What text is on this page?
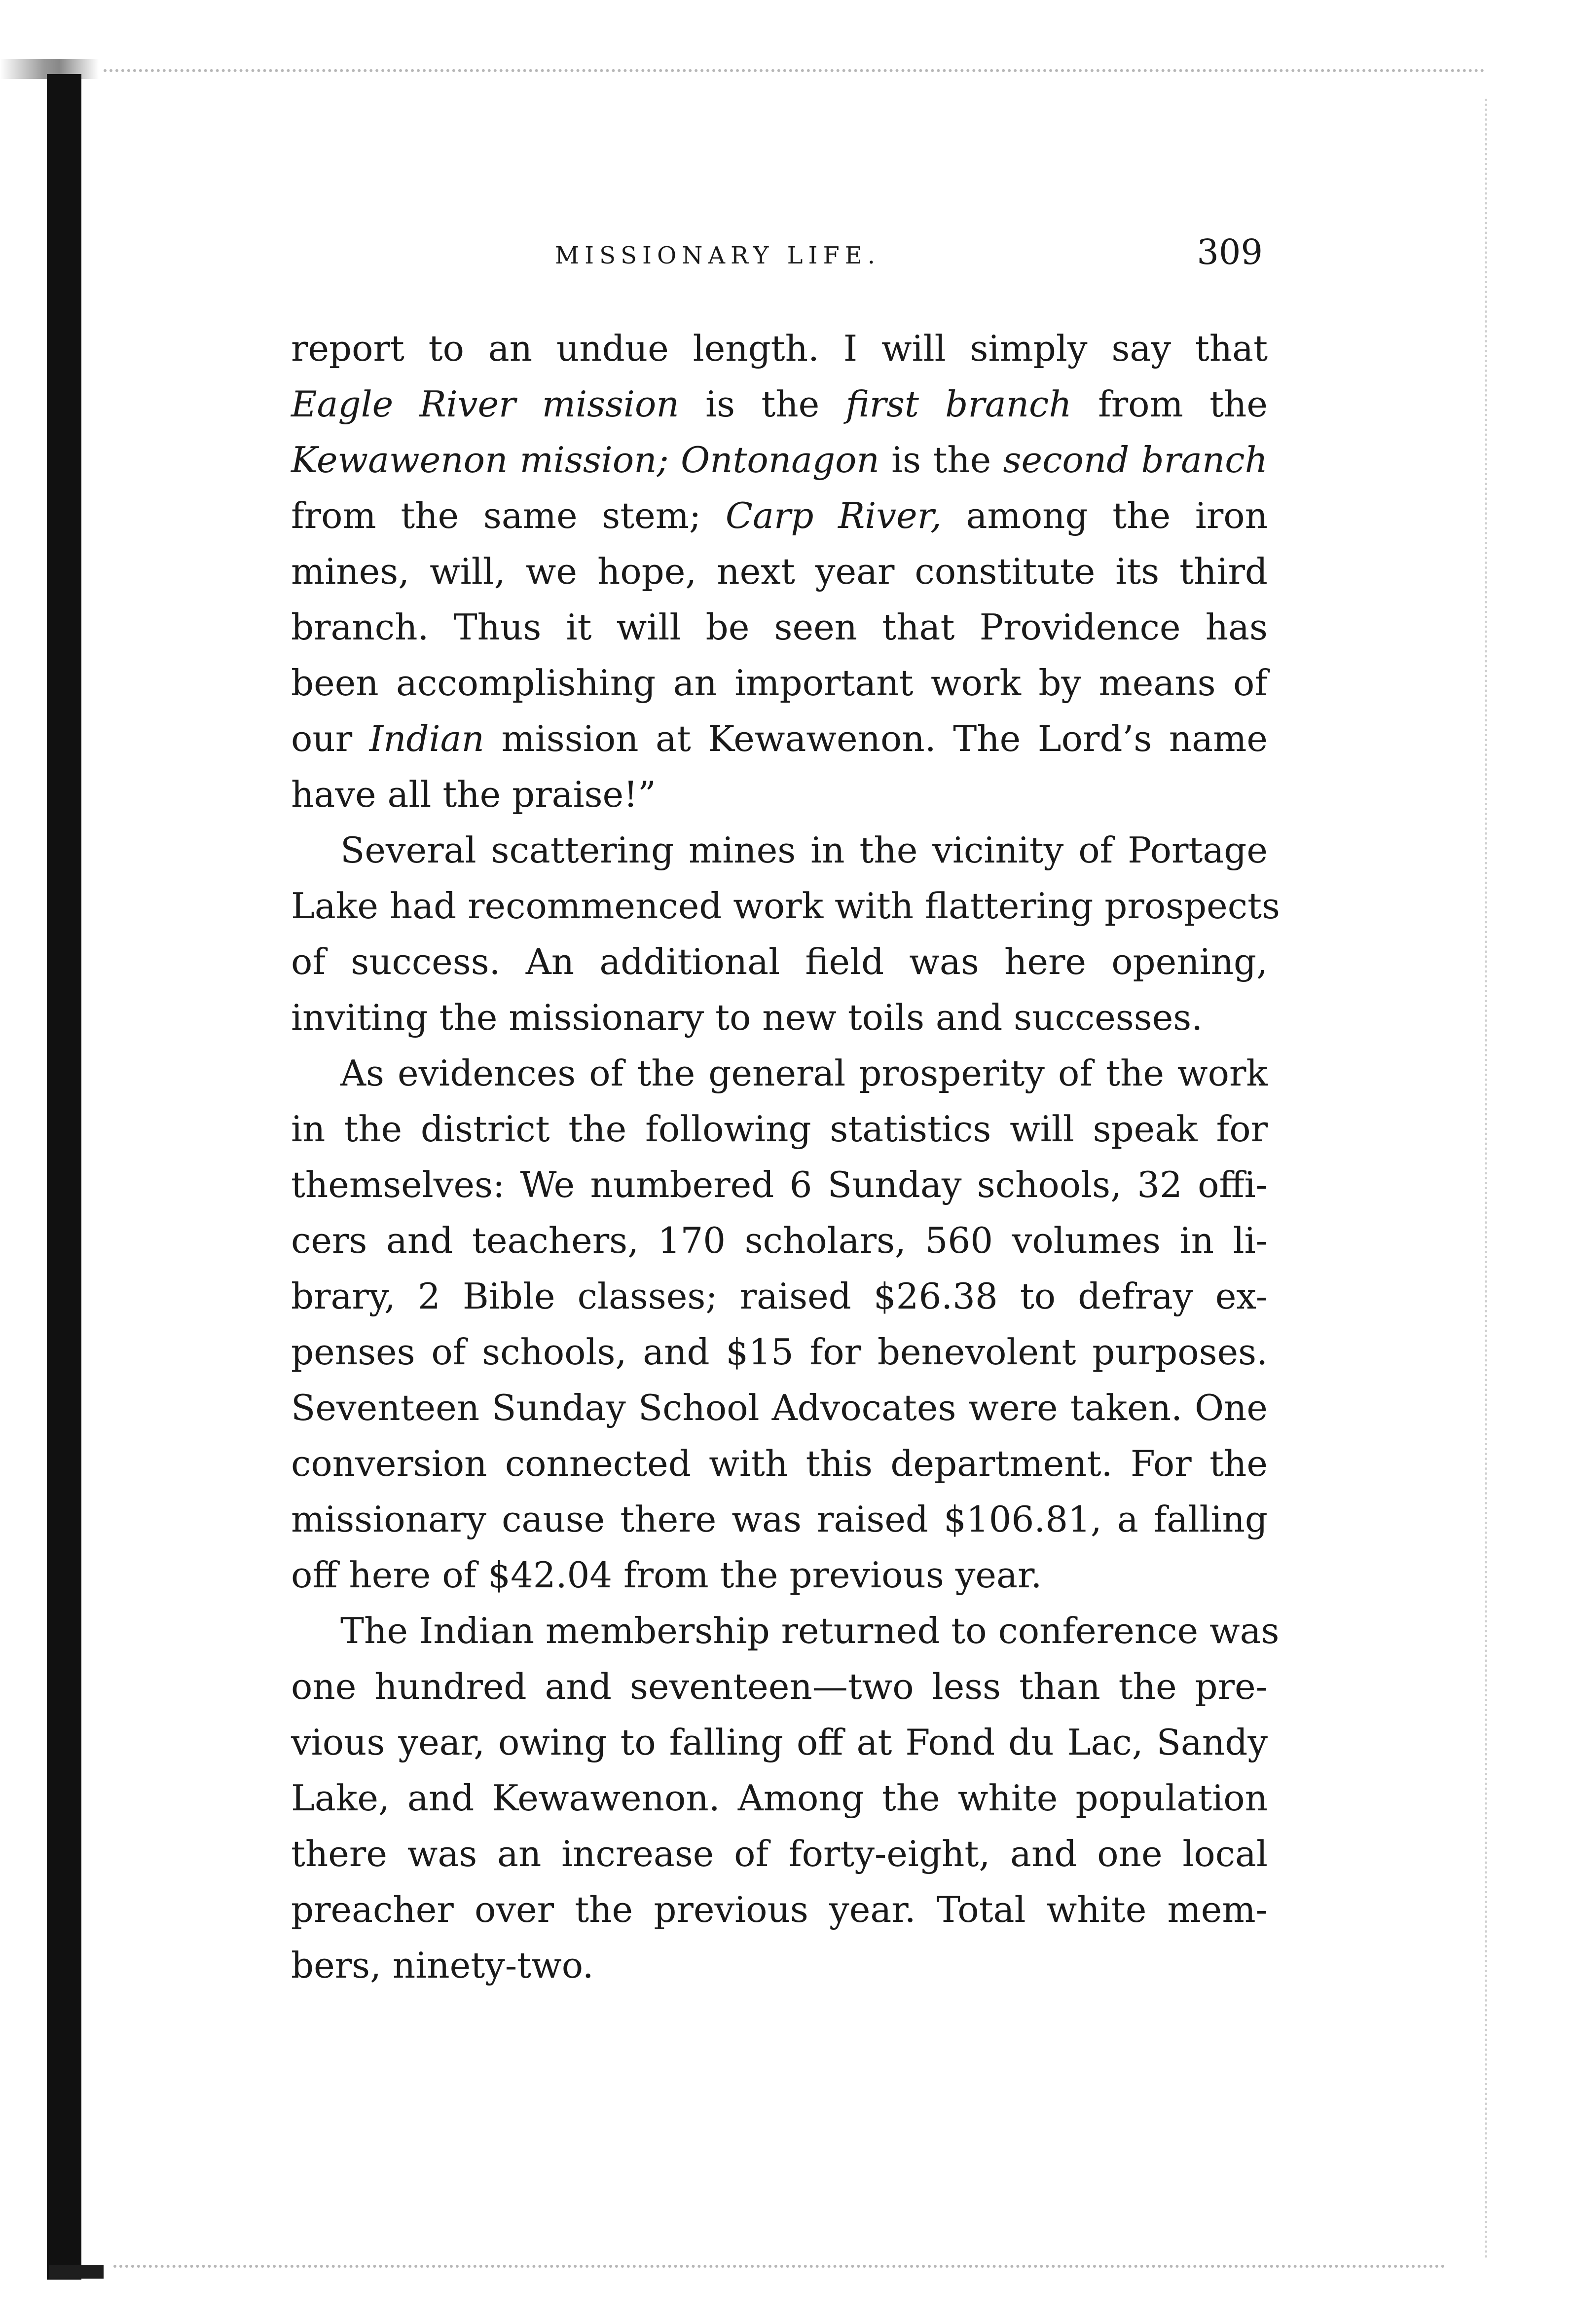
MISSIONARY LIFE.	309
report to an undue length. I will simply say that
Eagle River mission is the first branch from the
Kewawenon mission; Ontonagon is the second branch
from the same stem; Carp River, among the iron
mines, will, we hope, next year constitute its third
branch. Thus it will be seen that Providence has
been accomplishing an important work by means of
our Indian mission at Kewawenon. The Lord’s name
have all the praise!”
Several scattering mines in the vicinity of Portage
Lake had recommenced work with flattering prospects
of success. An additional field was here opening,
inviting the missionary to new toils and successes.
As evidences of the general prosperity of the work
in the district the following statistics will speak for
themselves: We numbered 6 Sunday schools, 32 offi-
cers and teachers, 170 scholars, 560 volumes in li-
brary, 2 Bible classes; raised $26.38 to defray ex-
penses of schools, and $15 for benevolent purposes.
Seventeen Sunday School Advocates were taken. One
conversion connected with this department. For the
missionary cause there was raised $106.81, a falling
off here of $42.04 from the previous year.
The Indian membership returned to conference was
one hundred and seventeen—two less than the pre-
vious year, owing to falling off at Fond du Lac, Sandy
Lake, and Kewawenon. Among the white population
there was an increase of forty-eight, and one local
preacher over the previous year. Total white mem-
bers, ninety-two.
